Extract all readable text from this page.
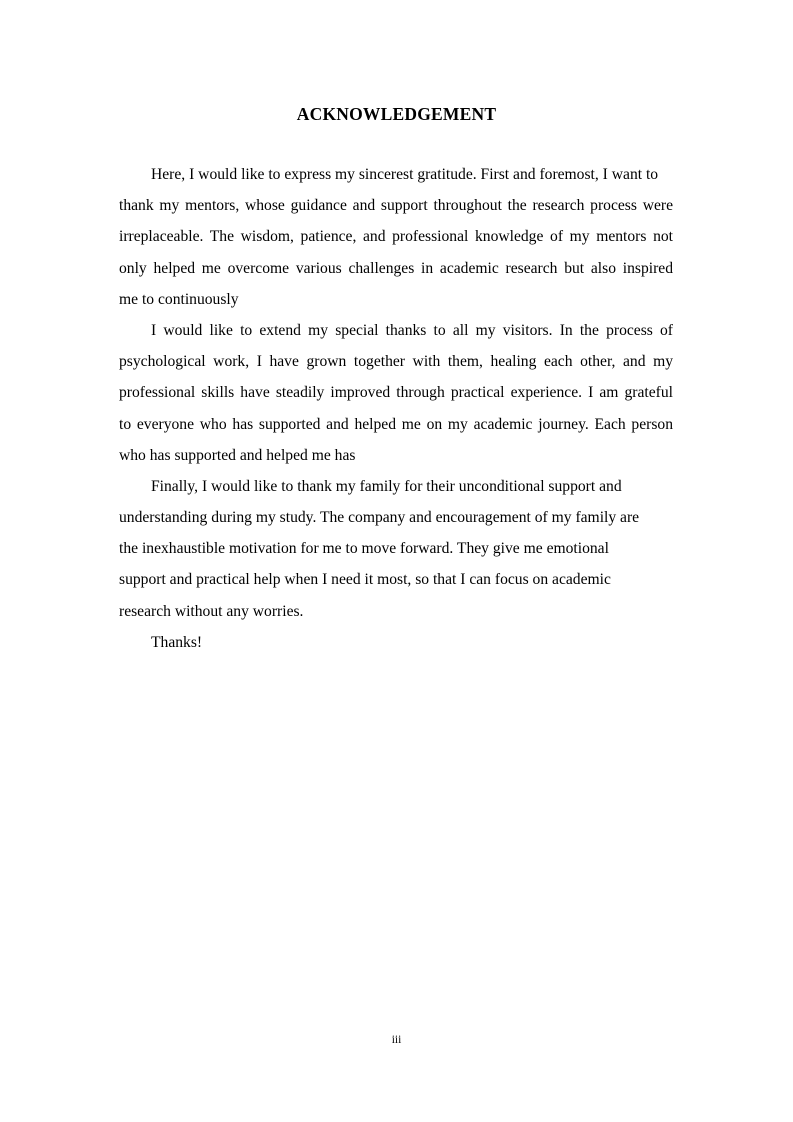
ACKNOWLEDGEMENT

Here, I would like to express my sincerest gratitude. First and foremost, I want to
thank my mentors, whose guidance and support throughout the research process were
irreplaceable. The wisdom, patience, and professional knowledge of my mentors not
only helped me overcome various challenges in academic research but also inspired
me to continuously

I would like to extend my special thanks to all my visitors. In the process of
psychological work, I have grown together with them, healing each other, and my
professional skills have steadily improved through practical experience. I am grateful
to everyone who has supported and helped me on my academic journey. Each person
who has supported and helped me has

Finally, I would like to thank my family for their unconditional support and
understanding during my study. The company and encouragement of my family are
the inexhaustible motivation for me to move forward. They give me emotional
support and practical help when I need it most, so that I can focus on academic
research without any worries.

Thanks!

iii
